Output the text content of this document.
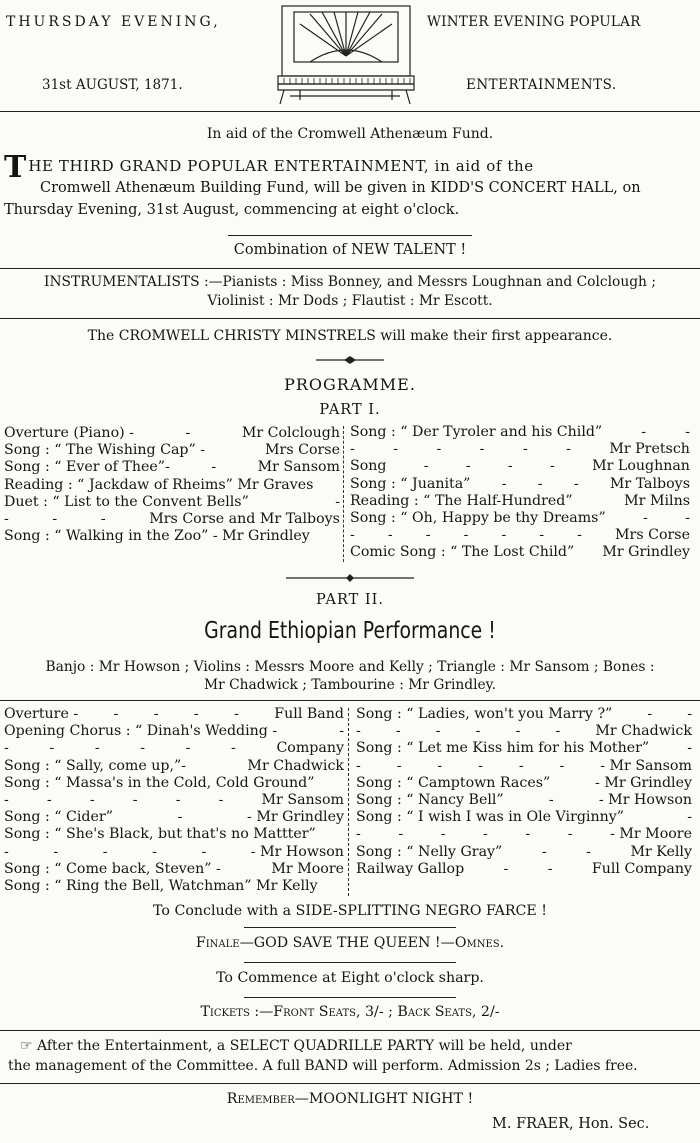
THURSDAY EVENING,
31st AUGUST, 1871.
WINTER EVENING POPULAR
ENTERTAINMENTS.
In aid of the Cromwell Athenæum Fund.
T HE THIRD GRAND POPULAR ENTERTAINMENT, in aid of the
Cromwell Athenæum Building Fund, will be given in KIDD'S CONCERT HALL, on
Thursday Evening, 31st August, commencing at eight o'clock.
Combination of NEW TALENT !
INSTRUMENTALISTS :—Pianists : Miss Bonney, and Messrs Loughnan and Colclough ;
Violinist : Mr Dods ; Flautist : Mr Escott.
The CROMWELL CHRISTY MINSTRELS will make their first appearance.
PROGRAMME.
PART I.
Overture (Piano) -	-	Mr Colclough
Song : “ The Wishing Cap” -	Mrs Corse
Song : “ Ever of Thee”-	-	Mr Sansom
Reading : “ Jackdaw of Rheims” Mr Graves
Duet : “ List to the Convent Bells”	-
-	-	-	Mrs Corse and Mr Talboys
Song : “ Walking in the Zoo” - Mr Grindley
Song : “ Der Tyroler and his Child”	-	-
-	-	-	-	-	-	Mr Pretsch
Song	-	-	-	-	Mr Loughnan
Song : “ Juanita” - - - Mr Talboys
Reading : “ The Half-Hundred”	Mr Milns
Song : “ Oh, Happy be thy Dreams”	-	-
- - - - - - - Mrs Corse
Comic Song : “ The Lost Child” Mr Grindley
PART II.
Grand Ethiopian Performance !
Banjo : Mr Howson ; Violins : Messrs Moore and Kelly ; Triangle : Mr Sansom ; Bones :
Mr Chadwick ; Tambourine : Mr Grindley.
Overture - - - - - Full Band
Opening Chorus : “ Dinah's Wedding -	-
-	-	-	-	-	-	Company
Song : “ Sally, come up,”-	Mr Chadwick
Song : “ Massa's in the Cold, Cold Ground”
-	-	-	-	-	-	Mr Sansom
Song : “ Cider”	-	- Mr Grindley
Song : “ She's Black, but that's no Mattter”
-	-	-	-	-	- Mr Howson
Song : “ Come back, Steven” -	Mr Moore
Song : “ Ring the Bell, Watchman” Mr Kelly
Song : “ Ladies, won't you Marry ?” - -
- - - - - - Mr Chadwick
Song : “ Let me Kiss him for his Mother”	-
-	-	-	-	-	-	- Mr Sansom
Song : “ Camptown Races”	- Mr Grindley
Song : “ Nancy Bell”	-	- Mr Howson
Song : “ I wish I was in Ole Virginny”	-
-	-	-	-	-	-	- Mr Moore
Song : “ Nelly Gray”	-	-	Mr Kelly
Railway Gallop	-	-	Full Company
To Conclude with a SIDE-SPLITTING NEGRO FARCE !
Finale—GOD SAVE THE QUEEN !—Omnes.
To Commence at Eight o'clock sharp.
Tickets :—Front Seats, 3/- ; Back Seats, 2/-
☞ After the Entertainment, a SELECT QUADRILLE PARTY will be held, under
the management of the Committee. A full BAND will perform. Admission 2s ; Ladies free.
Remember—MOONLIGHT NIGHT !
M. FRAER, Hon. Sec.
